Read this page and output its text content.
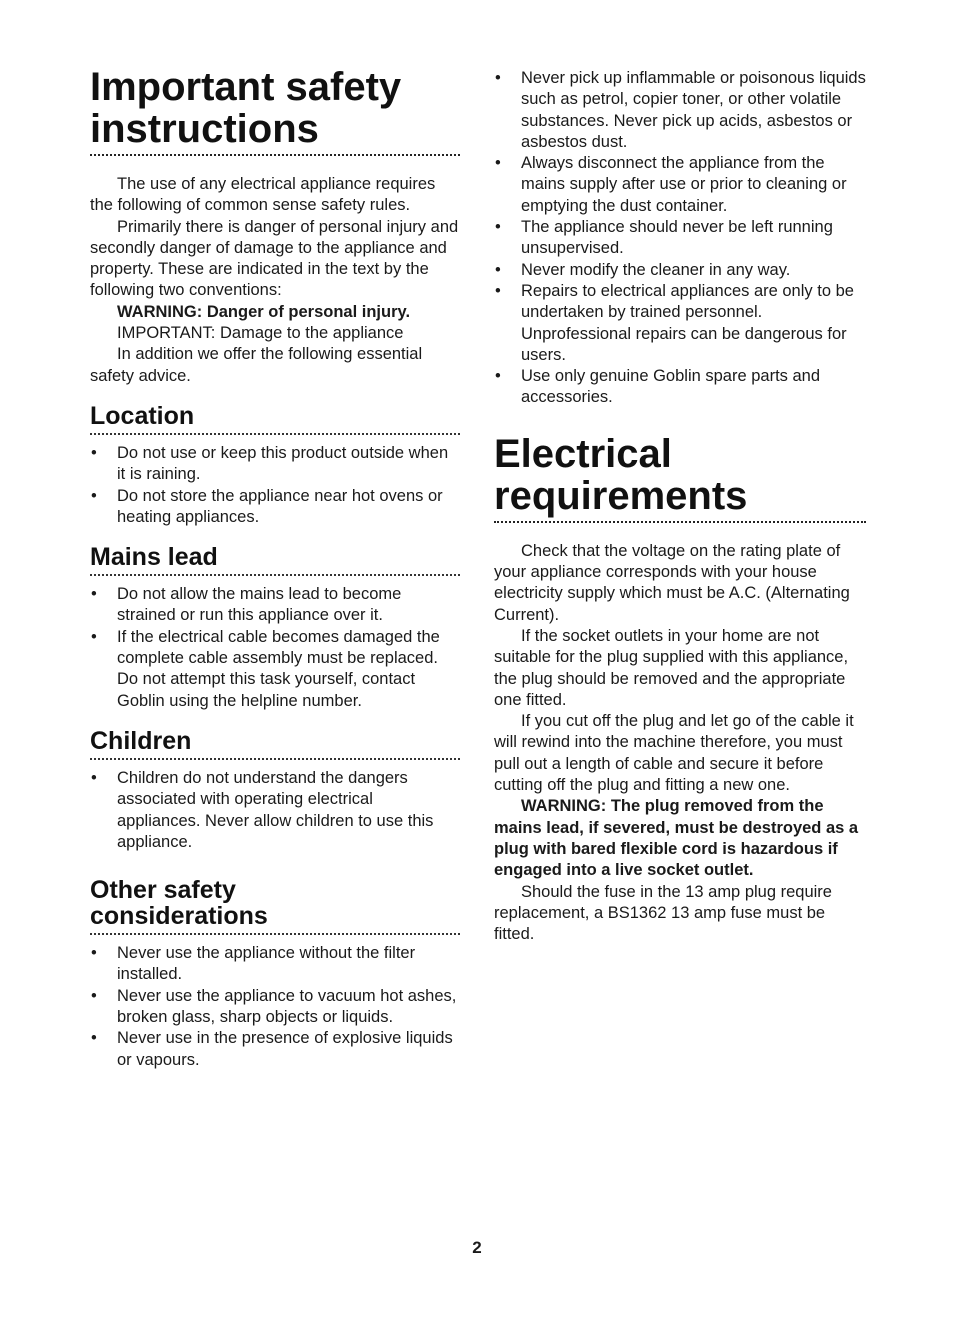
Important safety instructions

The use of any electrical appliance requires the following of common sense safety rules.

Primarily there is danger of personal injury and secondly danger of damage to the appliance and property. These are indicated in the text by the following two conventions:

WARNING: Danger of personal injury.

IMPORTANT: Damage to the appliance

In addition we offer the following essential safety advice.

Location
• Do not use or keep this product outside when it is raining.
• Do not store the appliance near hot ovens or heating appliances.
Mains lead
• Do not allow the mains lead to become strained or run this appliance over it.
• If the electrical cable becomes damaged the complete cable assembly must be replaced. Do not attempt this task yourself, contact Goblin using the helpline number.
Children
• Children do not understand the dangers associated with operating electrical appliances. Never allow children to use this appliance.
Other safety considerations
• Never use the appliance without the filter installed.
• Never use the appliance to vacuum hot ashes, broken glass, sharp objects or liquids.
• Never use in the presence of explosive liquids or vapours.
• Never pick up inflammable or poisonous liquids such as petrol, copier toner, or other volatile substances. Never pick up acids, asbestos or asbestos dust.
• Always disconnect the appliance from the mains supply after use or prior to cleaning or emptying the dust container.
• The appliance should never be left running unsupervised.
• Never modify the cleaner in any way.
• Repairs to electrical appliances are only to be undertaken by trained personnel. Unprofessional repairs can be dangerous for users.
• Use only genuine Goblin spare parts and accessories.
Electrical requirements

Check that the voltage on the rating plate of your appliance corresponds with your house electricity supply which must be A.C. (Alternating Current).

If the socket outlets in your home are not suitable for the plug supplied with this appliance, the plug should be removed and the appropriate one fitted.

If you cut off the plug and let go of the cable it will rewind into the machine therefore, you must pull out a length of cable and secure it before cutting off the plug and fitting a new one.

WARNING: The plug removed from the mains lead, if severed, must be destroyed as a plug with bared flexible cord is hazardous if engaged into a live socket outlet.

Should the fuse in the 13 amp plug require replacement, a BS1362 13 amp fuse must be fitted.

2
